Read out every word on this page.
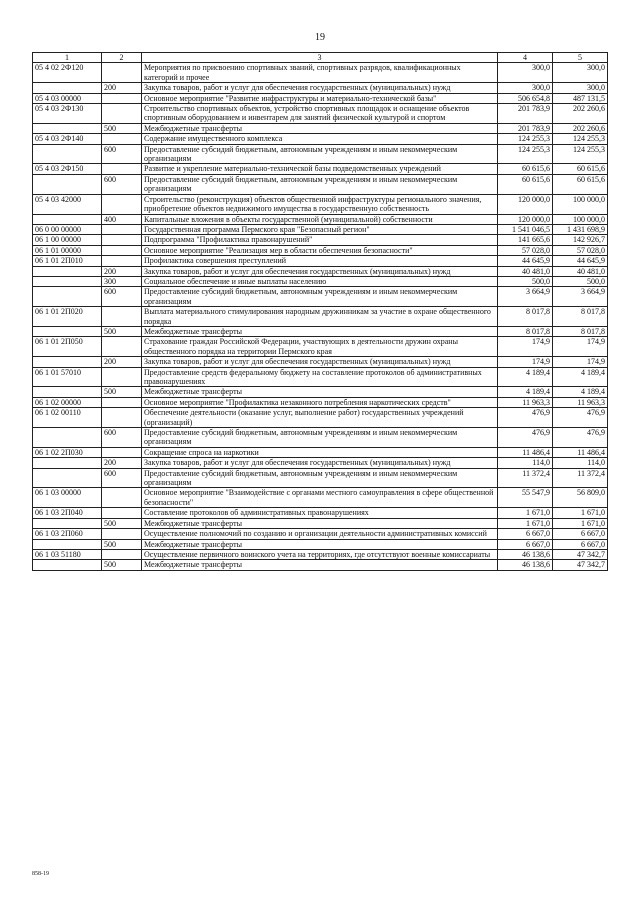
19
1	2	3	4	5
05 4 02 2Ф120		Мероприятия по присвоению спортивных званий, спортивных разрядов, квалификационных категорий и прочее	300,0	300,0
	200	Закупка товаров, работ и услуг для обеспечения государственных (муниципальных) нужд	300,0	300,0
05 4 03 00000		Основное мероприятие "Развитие инфраструктуры и материально-технической базы"	506 654,8	487 131,5
05 4 03 2Ф130		Строительство спортивных объектов, устройство спортивных площадок и оснащение объектов спортивным оборудованием и инвентарем для занятий физической культурой и спортом	201 783,9	202 260,6
	500	Межбюджетные трансферты	201 783,9	202 260,6
05 4 03 2Ф140		Содержание имущественного комплекса	124 255,3	124 255,3
	600	Предоставление субсидий бюджетным, автономным учреждениям и иным некоммерческим организациям	124 255,3	124 255,3
05 4 03 2Ф150		Развитие и укрепление материально-технической базы подведомственных учреждений	60 615,6	60 615,6
	600	Предоставление субсидий бюджетным, автономным учреждениям и иным некоммерческим организациям	60 615,6	60 615,6
05 4 03 42000		Строительство (реконструкция) объектов общественной инфраструктуры регионального значения, приобретение объектов недвижимого имущества в государственную собственность	120 000,0	100 000,0
	400	Капитальные вложения в объекты государственной (муниципальной) собственности	120 000,0	100 000,0
06 0 00 00000		Государственная программа Пермского края "Безопасный регион"	1 541 046,5	1 431 698,9
06 1 00 00000		Подпрограмма "Профилактика правонарушений"	141 665,6	142 926,7
06 1 01 00000		Основное мероприятие "Реализация мер в области обеспечения безопасности"	57 028,0	57 028,0
06 1 01 2П010		Профилактика совершения преступлений	44 645,9	44 645,9
	200	Закупка товаров, работ и услуг для обеспечения государственных (муниципальных) нужд	40 481,0	40 481,0
	300	Социальное обеспечение и иные выплаты населению	500,0	500,0
	600	Предоставление субсидий бюджетным, автономным учреждениям и иным некоммерческим организациям	3 664,9	3 664,9
06 1 01 2П020		Выплата материального стимулирования народным дружинникам за участие в охране общественного порядка	8 017,8	8 017,8
	500	Межбюджетные трансферты	8 017,8	8 017,8
06 1 01 2П050		Страхование граждан Российской Федерации, участвующих в деятельности дружин охраны общественного порядка на территории Пермского края	174,9	174,9
	200	Закупка товаров, работ и услуг для обеспечения государственных (муниципальных) нужд	174,9	174,9
06 1 01 57010		Предоставление средств федеральному бюджету на составление протоколов об административных правонарушениях	4 189,4	4 189,4
	500	Межбюджетные трансферты	4 189,4	4 189,4
06 1 02 00000		Основное мероприятие "Профилактика незаконного потребления наркотических средств"	11 963,3	11 963,3
06 1 02 00110		Обеспечение деятельности (оказание услуг, выполнение работ) государственных учреждений (организаций)	476,9	476,9
	600	Предоставление субсидий бюджетным, автономным учреждениям и иным некоммерческим организациям	476,9	476,9
06 1 02 2П030		Сокращение спроса на наркотики	11 486,4	11 486,4
	200	Закупка товаров, работ и услуг для обеспечения государственных (муниципальных) нужд	114,0	114,0
	600	Предоставление субсидий бюджетным, автономным учреждениям и иным некоммерческим организациям	11 372,4	11 372,4
06 1 03 00000		Основное мероприятие "Взаимодействие с органами местного самоуправления в сфере общественной безопасности"	55 547,9	56 809,0
06 1 03 2П040		Составление протоколов об административных правонарушениях	1 671,0	1 671,0
	500	Межбюджетные трансферты	1 671,0	1 671,0
06 1 03 2П060		Осуществление полномочий по созданию и организации деятельности административных комиссий	6 667,0	6 667,0
	500	Межбюджетные трансферты	6 667,0	6 667,0
06 1 03 51180		Осуществление первичного воинского учета на территориях, где отсутствуют военные комиссариаты	46 138,6	47 342,7
	500	Межбюджетные трансферты	46 138,6	47 342,7
858-19
